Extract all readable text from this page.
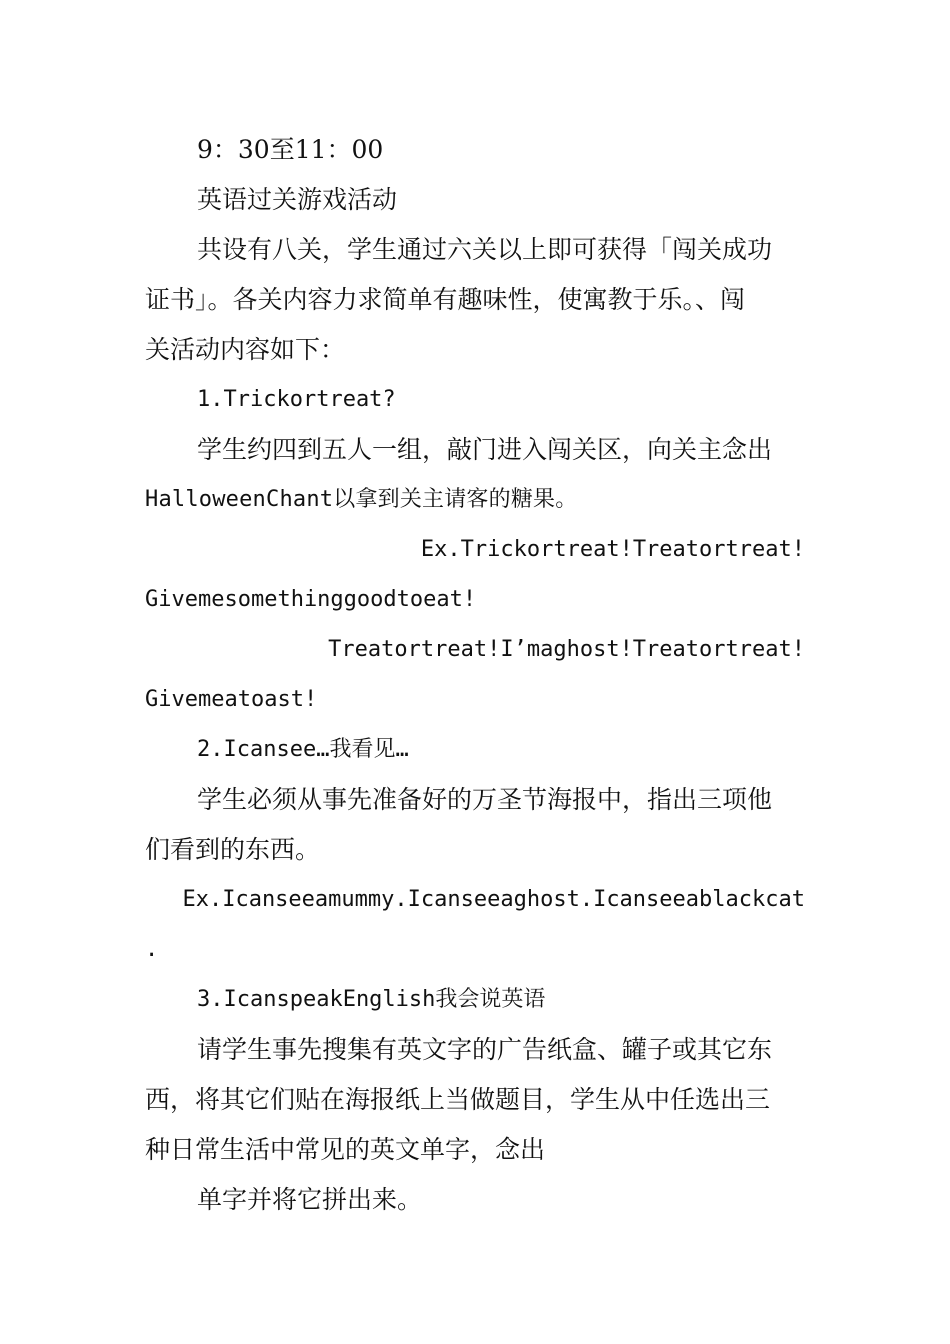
9：30至11：00
英语过关游戏活动
共设有八关，学生通过六关以上即可获得「闯关成功
证书」。各关内容力求简单有趣味性，使寓教于乐。、闯
关活动内容如下：
1.Trickortreat?
学生约四到五人一组，敲门进入闯关区，向关主念出
HalloweenChant以拿到关主请客的糖果。
Ex.Trickortreat!Treatortreat!
Givemesomethinggoodtoeat!
Treatortreat!I’maghost!Treatortreat!
Givemeatoast!
2.Icansee…我看见…
学生必须从事先准备好的万圣节海报中，指出三项他
们看到的东西。
Ex.Icanseeamummy.Icanseeaghost.Icanseeablackcat
.
3.IcanspeakEnglish我会说英语
请学生事先搜集有英文字的广告纸盒、罐子或其它东
西，将其它们贴在海报纸上当做题目，学生从中任选出三
种日常生活中常见的英文单字，念出
单字并将它拼出来。
